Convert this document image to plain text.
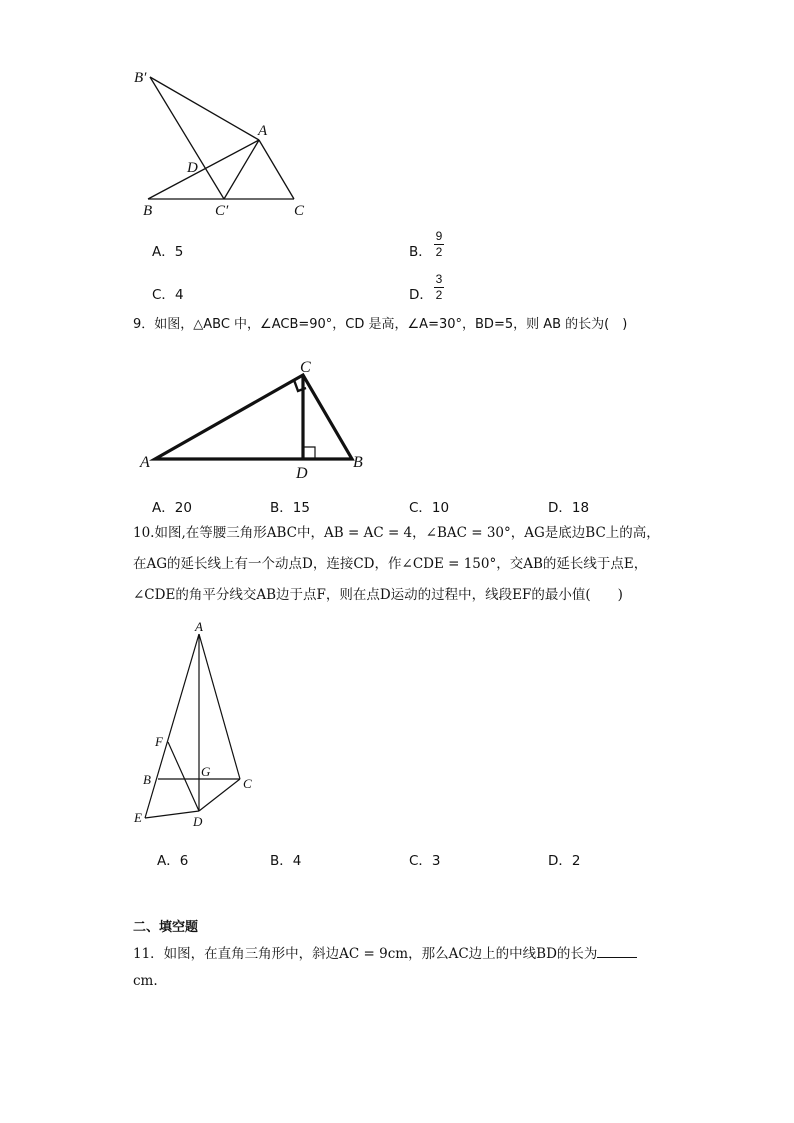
B′
A
D
B	C′	C
A．5	B．
9
2
C．4	D．
3
2
9．如图，△ABC 中，∠ACB=90°，CD 是高，∠A=30°，BD=5，则 AB 的长为(　)
A	B
C
D
A．20	B．15	C．10	D．18
10.如图,在等腰三角形ABC中，AB = AC = 4，∠BAC = 30°，AG是底边BC上的高，
在AG的延长线上有一个动点D，连接CD，作∠CDE = 150°，交AB的延长线于点E，
∠CDE的角平分线交AB边于点F，则在点D运动的过程中，线段EF的最小值(　　)
A
F
B
G
C
E	D
A．6	B．4	C．3	D．2
二、填空题
11．如图，在直角三角形中，斜边AC = 9cm，那么AC边上的中线BD的长为
cm.
